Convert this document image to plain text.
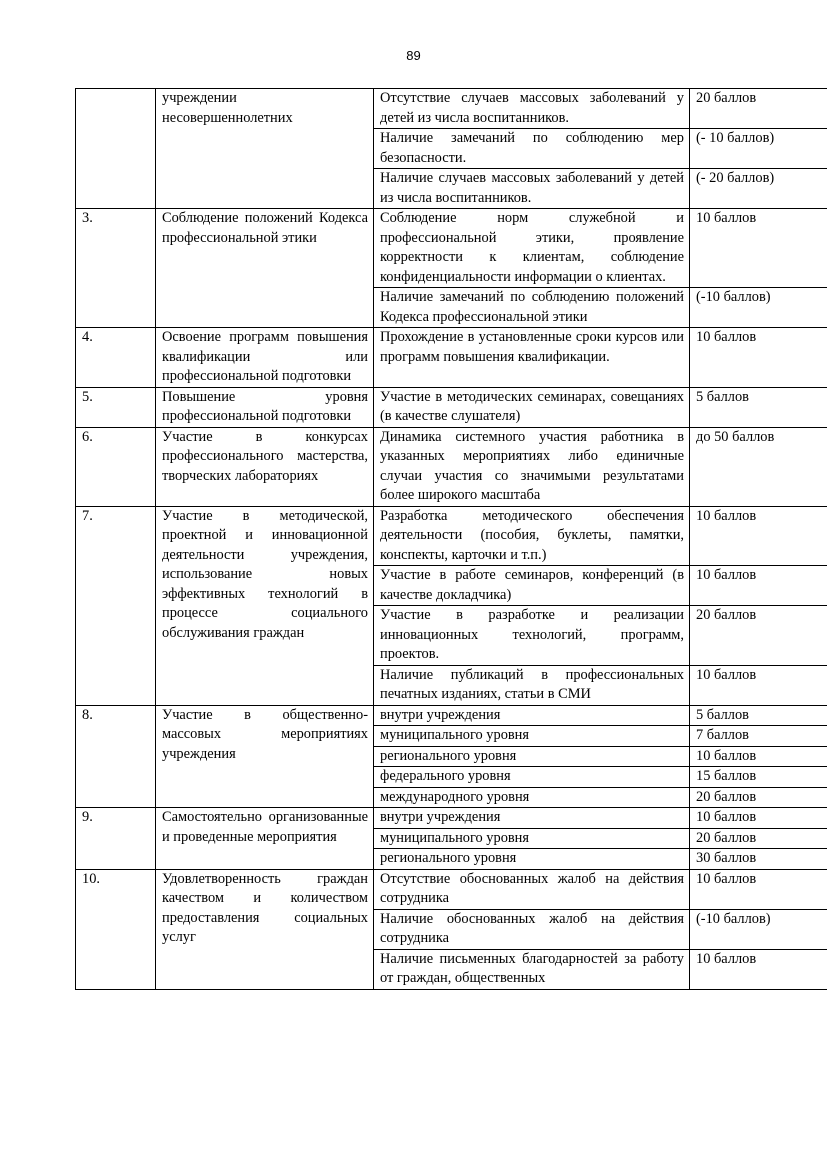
89
	учреждении несовершеннолетних	Отсутствие случаев массовых заболеваний у детей из числа воспитанников.	20 баллов
		Наличие замечаний по соблюдению мер безопасности.	(- 10 баллов)
		Наличие случаев массовых заболеваний у детей из числа воспитанников.	(- 20 баллов)
3.	Соблюдение положений Кодекса профессиональной этики	Соблюдение норм служебной и профессиональной этики, проявление корректности к клиентам, соблюдение конфиденциальности информации о клиентах.	10 баллов
		Наличие замечаний по соблюдению положений Кодекса профессиональной этики	(-10 баллов)
4.	Освоение программ повышения квалификации или профессиональной подготовки	Прохождение в установленные сроки курсов или программ повышения квалификации.	10 баллов
5.	Повышение уровня профессиональной подготовки	Участие в методических семинарах, совещаниях (в качестве слушателя)	5 баллов
6.	Участие в конкурсах профессионального мастерства, творческих лабораториях	Динамика системного участия работника в указанных мероприятиях либо единичные случаи участия со значимыми результатами более широкого масштаба	до 50 баллов
7.	Участие в методической, проектной и инновационной деятельности учреждения, использование новых эффективных технологий в процессе социального обслуживания граждан	Разработка методического обеспечения деятельности (пособия, буклеты, памятки, конспекты, карточки и т.п.)	10 баллов
		Участие в работе семинаров, конференций (в качестве докладчика)	10 баллов
		Участие в разработке и реализации инновационных технологий, программ, проектов.	20 баллов
		Наличие публикаций в профессиональных печатных изданиях, статьи в СМИ	10 баллов
8.	Участие в общественно-массовых мероприятиях учреждения	внутри учреждения	5 баллов
		муниципального уровня	7 баллов
		регионального уровня	10 баллов
		федерального уровня	15 баллов
		международного уровня	20 баллов
9.	Самостоятельно организованные и проведенные мероприятия	внутри учреждения	10 баллов
		муниципального уровня	20 баллов
		регионального уровня	30 баллов
10.	Удовлетворенность граждан качеством и количеством предоставления социальных услуг	Отсутствие обоснованных жалоб на действия сотрудника	10 баллов
		Наличие обоснованных жалоб на действия сотрудника	(-10 баллов)
		Наличие письменных благодарностей за работу от граждан, общественных	10 баллов
